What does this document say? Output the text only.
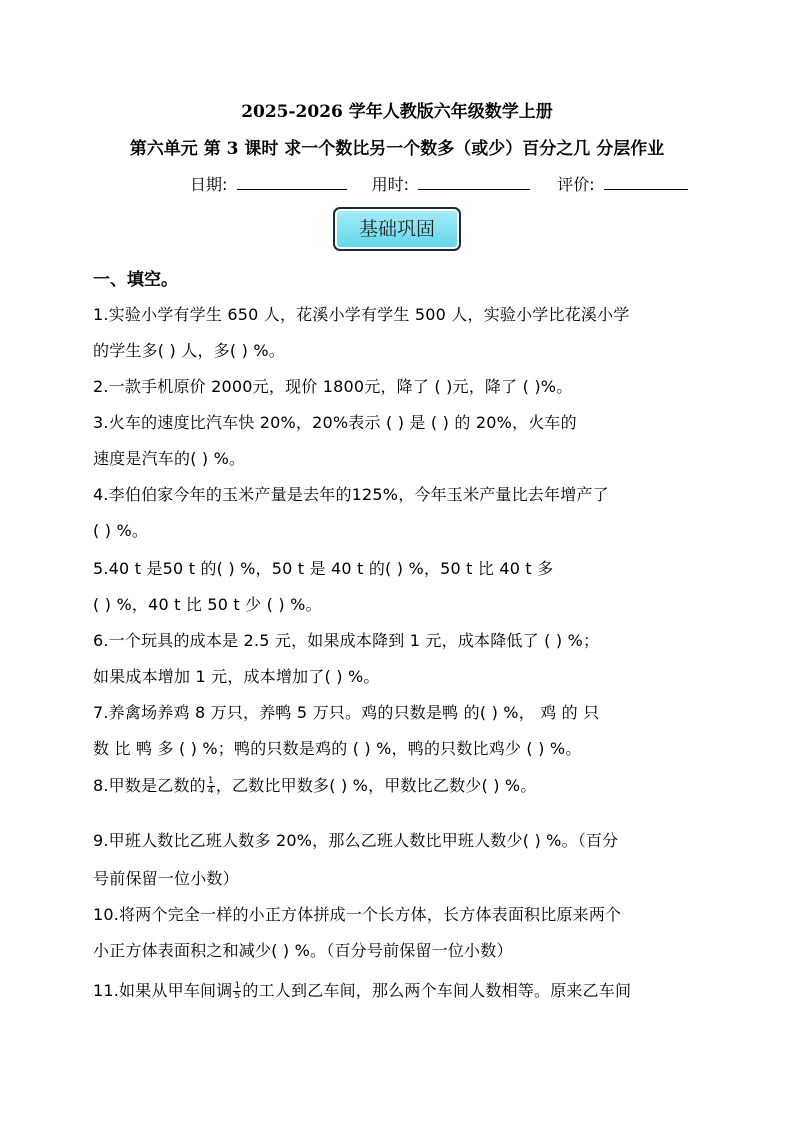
2025-2026 学年人教版六年级数学上册
第六单元 第 3 课时 求一个数比另一个数多（或少）百分之几 分层作业
日期:	用时:	评价:
基础巩固
一、填空。
1.实验小学有学生 650 人，花溪小学有学生 500 人，实验小学比花溪小学
的学生多( ) 人，多( ) %。
2.一款手机原价 2000元，现价 1800元，降了 ( )元，降了 ( )%。
3.火车的速度比汽车快 20%，20%表示 ( ) 是 ( ) 的 20%，火车的
速度是汽车的( ) %。
4.李伯伯家今年的玉米产量是去年的125%，今年玉米产量比去年增产了
( ) %。
5.40 t 是50 t 的( ) %，50 t 是 40 t 的( ) %，50 t 比 40 t 多
( ) %，40 t 比 50 t 少 ( ) %。
6.一个玩具的成本是 2.5 元，如果成本降到 1 元，成本降低了 ( ) %；
如果成本增加 1 元，成本增加了( ) %。
7.养禽场养鸡 8 万只，养鸭 5 万只。鸡的只数是鸭 的( ) %， 鸡 的 只
数 比 鸭 多 ( ) %；鸭的只数是鸡的 ( ) %，鸭的只数比鸡少 ( ) %。
8.甲数是乙数的 $\frac{1}{4}$ ，乙数比甲数多( ) %，甲数比乙数少( ) %。
9.甲班人数比乙班人数多 20%，那么乙班人数比甲班人数少( ) %。（百分
号前保留一位小数）
10.将两个完全一样的小正方体拼成一个长方体，长方体表面积比原来两个
小正方体表面积之和减少( ) %。（百分号前保留一位小数）
11.如果从甲车间调 $\frac{1}{5}$ 的工人到乙车间，那么两个车间人数相等。原来乙车间
